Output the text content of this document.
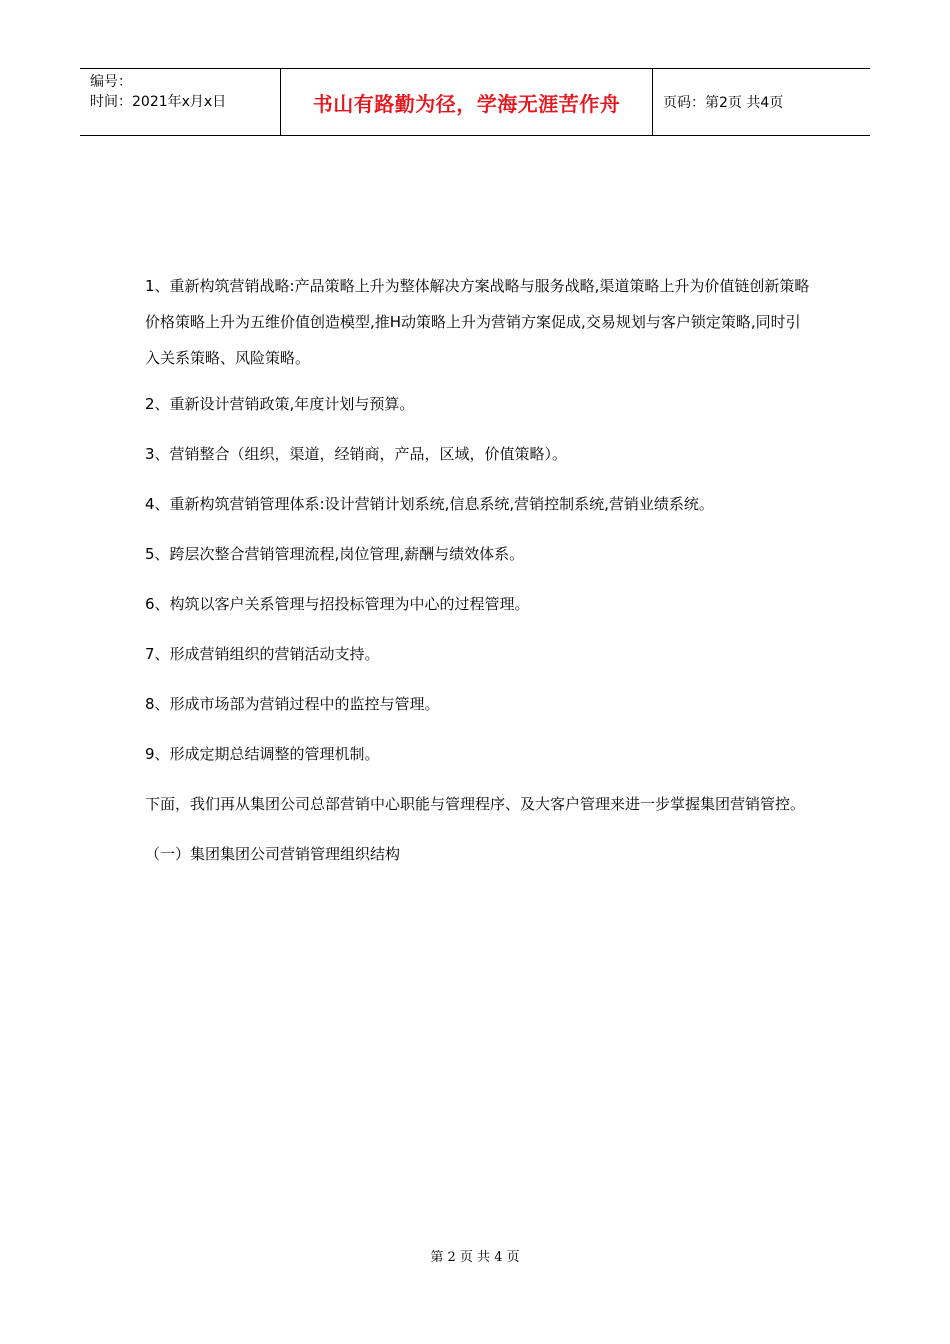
编号：
时间：2021年x月x日	书山有路勤为径，学海无涯苦作舟	页码：第2页 共4页

1、重新构筑营销战略:产品策略上升为整体解决方案战略与服务战略,渠道策略上升为价值链创新策略价格策略上升为五维价值创造模型,推H动策略上升为营销方案促成,交易规划与客户锁定策略,同时引入关系策略、风险策略。

2、重新设计营销政策,年度计划与预算。

3、营销整合（组织，渠道，经销商，产品，区域，价值策略）。

4、重新构筑营销管理体系:设计营销计划系统,信息系统,营销控制系统,营销业绩系统。

5、跨层次整合营销管理流程,岗位管理,薪酬与绩效体系。

6、构筑以客户关系管理与招投标管理为中心的过程管理。

7、形成营销组织的营销活动支持。

8、形成市场部为营销过程中的监控与管理。

9、形成定期总结调整的管理机制。

下面，我们再从集团公司总部营销中心职能与管理程序、及大客户管理来进一步掌握集团营销管控。

（一）集团集团公司营销管理组织结构

第 2 页 共 4 页
